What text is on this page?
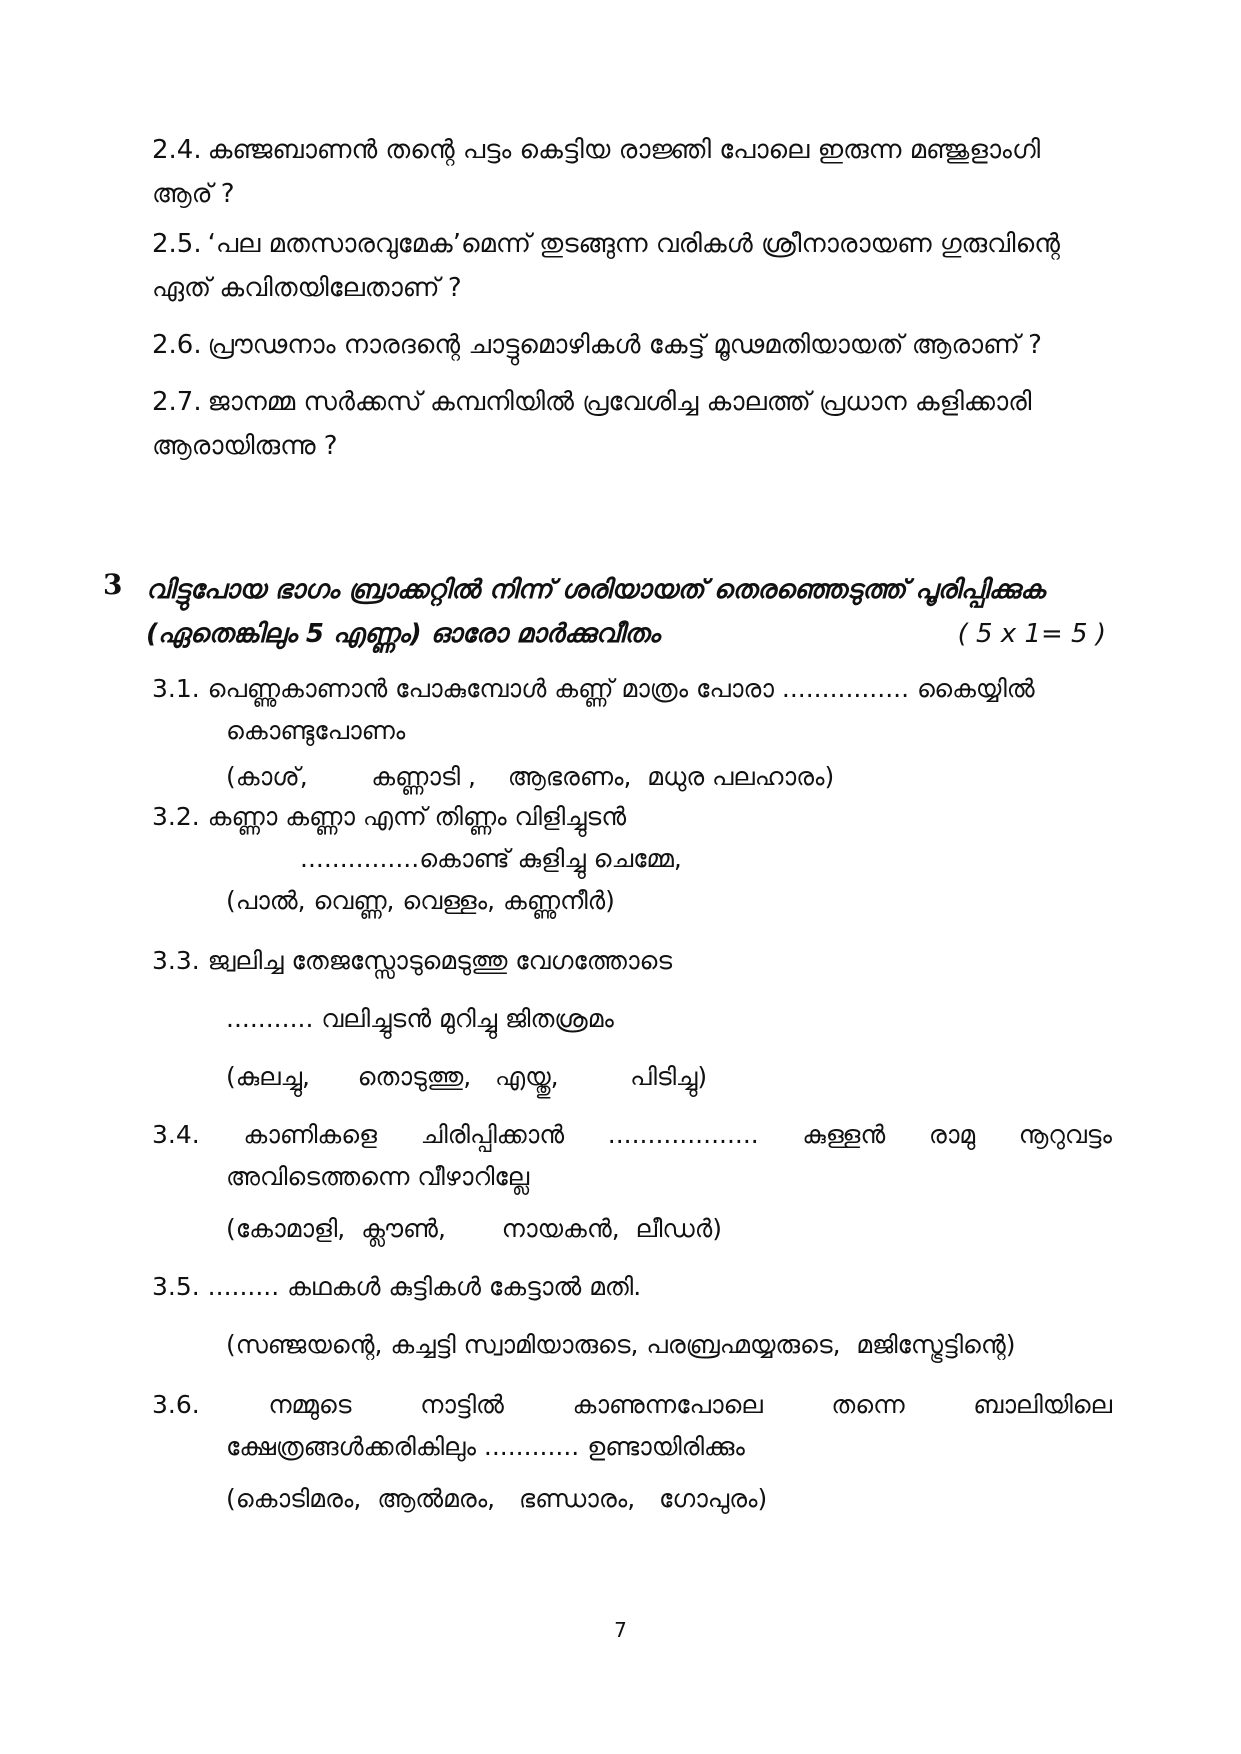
2.4. കഞ്ജബാണൻ തന്റെ പട്ടം കെട്ടിയ രാജ്ഞി പോലെ ഇരുന്ന മഞ്ജുളാംഗി
ആര് ?
2.5. ‘പല മതസാരവുമേക’മെന്ന് തുടങ്ങുന്ന വരികൾ ശ്രീനാരായണ ഗുരുവിന്റെ
ഏത് കവിതയിലേതാണ് ?
2.6. പ്രൗഢനാം നാരദന്റെ ചാട്ടുമൊഴികൾ കേട്ട് മൂഢമതിയായത് ആരാണ് ?
2.7. ജാനമ്മ സർക്കസ് കമ്പനിയിൽ പ്രവേശിച്ച കാലത്ത് പ്രധാന കളിക്കാരി
ആരായിരുന്നു ?
3 വിട്ടുപോയ ഭാഗം ബ്രാക്കറ്റിൽ നിന്ന് ശരിയായത് തെരഞ്ഞെടുത്ത് പൂരിപ്പിക്കുക
(ഏതെങ്കിലും 5 എണ്ണം) ഓരോ മാർക്കുവീതം	( 5 x 1= 5 )
3.1. പെണ്ണുകാണാൻ പോകുമ്പോൾ കണ്ണ് മാത്രം പോരാ ................ കൈയ്യിൽ
കൊണ്ടുപോണം
(കാശ്,	കണ്ണാടി , ആഭരണം, മധുര പലഹാരം)
3.2. കണ്ണാ കണ്ണാ എന്ന് തിണ്ണം വിളിച്ചുടൻ
...............കൊണ്ട് കുളിച്ചു ചെമ്മേ,
(പാൽ, വെണ്ണ, വെള്ളം, കണ്ണുനീർ)
3.3. ജ്വലിച്ച തേജസ്സോടുമെടുത്തു വേഗത്തോടെ
........... വലിച്ചുടൻ മുറിച്ചു ജിതശ്രമം
(കുലച്ചു, തൊടുത്തു, എയ്തു,	പിടിച്ചു)
3.4. കാണികളെ ചിരിപ്പിക്കാൻ ................... കുള്ളൻ രാമു നൂറുവട്ടം
അവിടെത്തന്നെ വീഴാറില്ലേ
(കോമാളി, ക്ലൗൺ, നായകൻ, ലീഡർ)
3.5. ......... കഥകൾ കുട്ടികൾ കേട്ടാൽ മതി.
(സഞ്ജയന്റെ, കച്ചട്ടി സ്വാമിയാരുടെ, പരബ്രഹ്മയ്യരുടെ,  മജിസ്ട്രേട്ടിന്റെ)
3.6.	നമ്മുടെ	നാട്ടിൽ	കാണുന്നപോലെ	തന്നെ	ബാലിയിലെ
ക്ഷേത്രങ്ങൾക്കരികിലും ............ ഉണ്ടായിരിക്കും
(കൊടിമരം, ആൽമരം, ഭണ്ഡാരം, ഗോപുരം)
7
